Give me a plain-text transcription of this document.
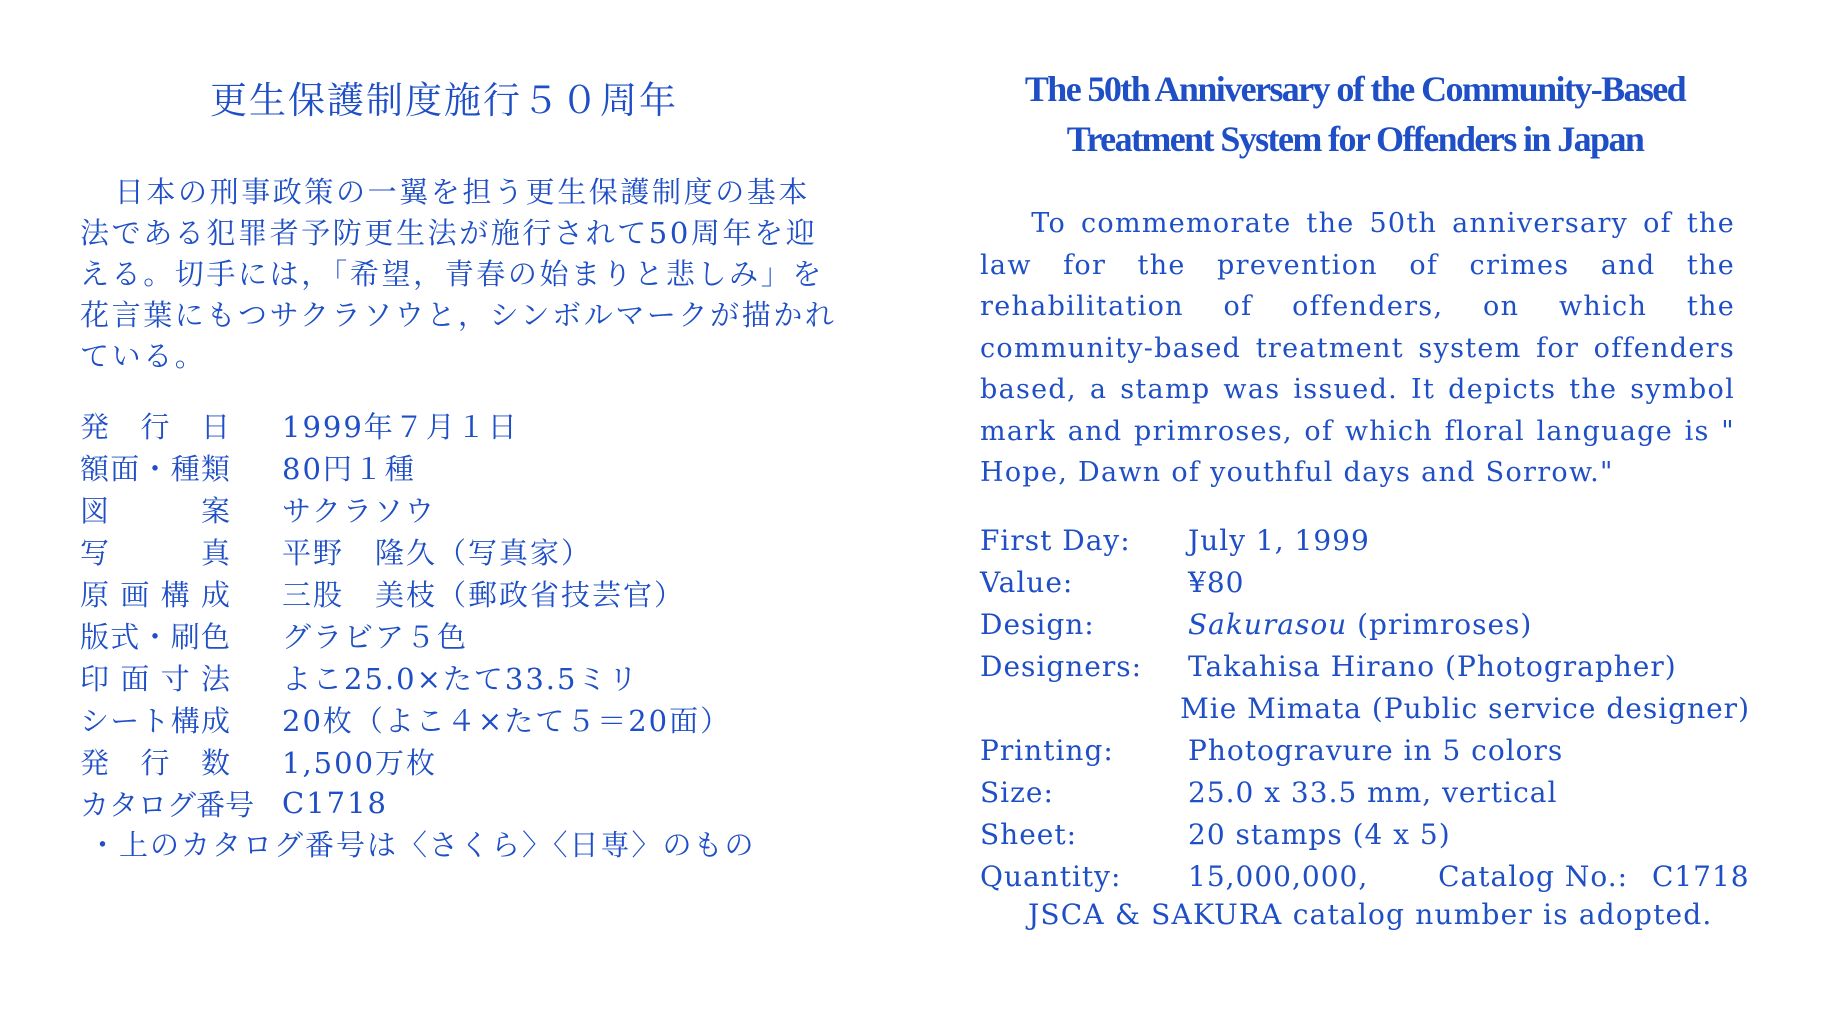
更生保護制度施行５０周年
日本の刑事政策の一翼を担う更生保護制度の基本法である犯罪者予防更生法が施行されて50周年を迎える。切手には，「希望，青春の始まりと悲しみ」を花言葉にもつサクラソウと，シンボルマークが描かれている。
発 行 日 1999年７月１日
額 面 ・ 種 類 80円１種
図	案 サクラソウ
写	真 平野　隆久（写真家）
原 画 構 成 三股　美枝（郵政省技芸官）
版 式 ・ 刷 色 グラビア５色
印 面 寸 法 よこ25.0×たて33.5ミリ
シ ー ト 構 成 20枚（よこ４×たて５＝20面）
発 行 数 1,500万枚
カ タ ロ グ 番 号 C1718
・上のカタログ番号は〈さくら〉〈日専〉のもの
The 50th Anniversary of the Community-Based
Treatment System for Offenders in Japan
To commemorate the 50th anniversary of the law for the prevention of crimes and the rehabilitation of offenders, on which the community-based treatment system for offenders based, a stamp was issued. It depicts the symbol mark and primroses, of which floral language is " Hope, Dawn of youthful days and Sorrow."
First Day:	July 1, 1999
Value:	¥80
Design:	Sakurasou (primroses)
Designers:	Takahisa Hirano (Photographer)
Mie Mimata (Public service designer)
Printing:	Photogravure in 5 colors
Size:	25.0 x 33.5 mm, vertical
Sheet:	20 stamps (4 x 5)
Quantity:	15,000,000, Catalog No.: C1718
JSCA & SAKURA catalog number is adopted.
